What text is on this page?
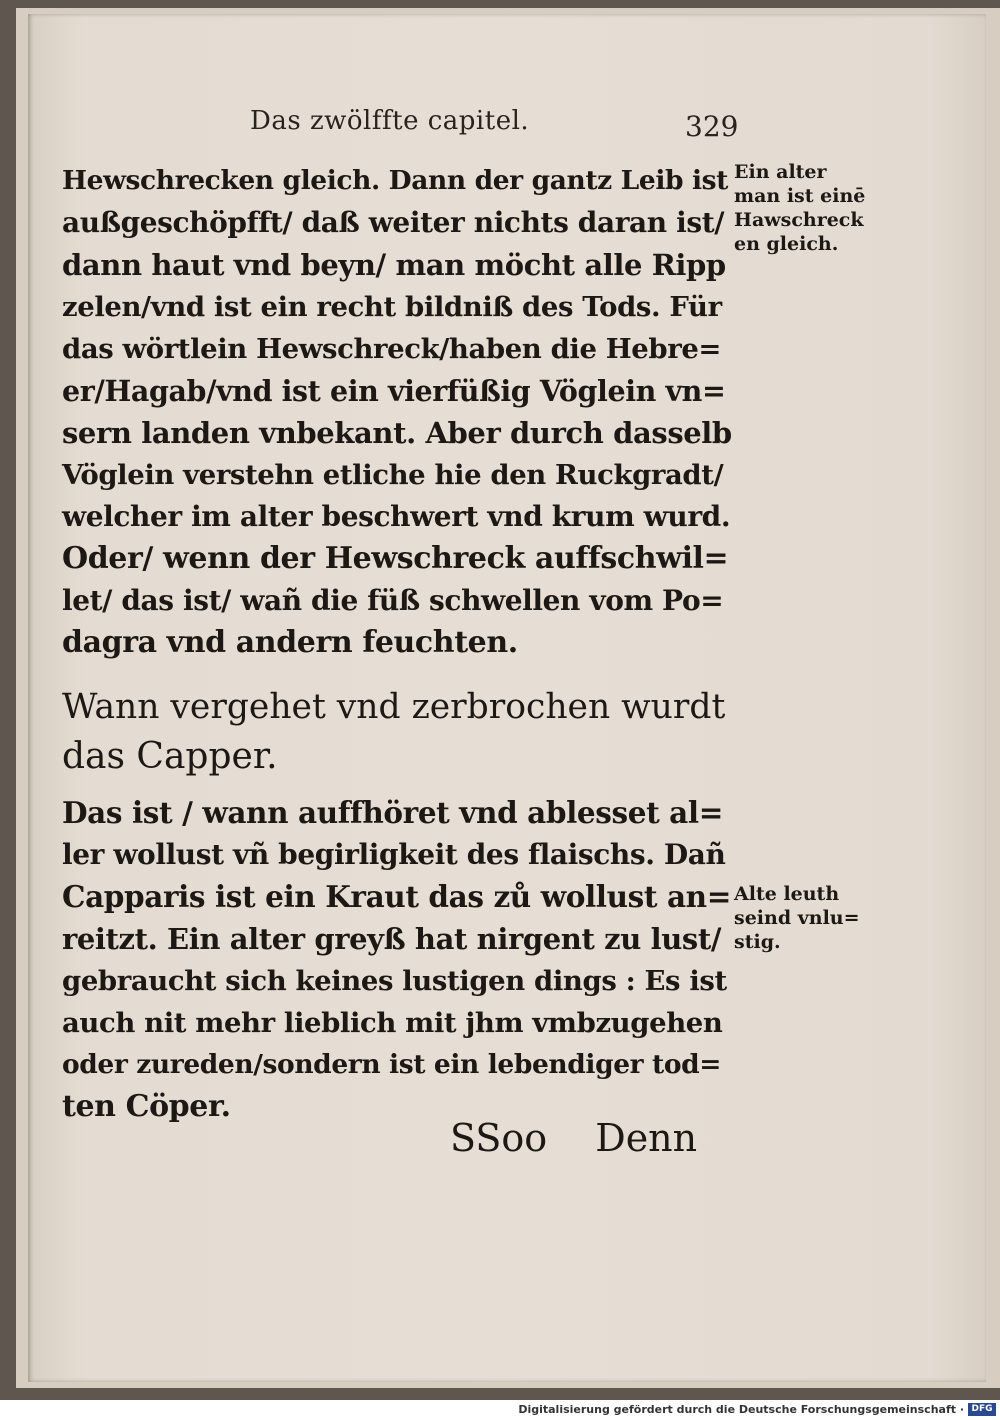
Das zwölffte capitel.	329
Hewschrecken gleich. Dann der gantz Leib ist
außgeschöpfft/ daß weiter nichts daran ist/
dann haut vnd beyn/ man möcht alle Ripp
zelen/vnd ist ein recht bildniß des Tods. Für
das wörtlein Hewschreck/haben die Hebre=
er/Hagab/vnd ist ein vierfüßig Vöglein vn=
sern landen vnbekant. Aber durch dasselb
Vöglein verstehn etliche hie den Ruckgradt/
welcher im alter beschwert vnd krum wurd.
Oder/ wenn der Hewschreck auffschwil=
let/ das ist/ wañ die füß schwellen vom Po=
dagra vnd andern feuchten.
Wann vergehet vnd zerbrochen wurdt
das Capper.
Das ist / wann auffhöret vnd ablesset al=
ler wollust vñ begirligkeit des flaischs. Dañ
Capparis ist ein Kraut das zů wollust an=
reitzt. Ein alter greyß hat nirgent zu lust/
gebraucht sich keines lustigen dings : Es ist
auch nit mehr lieblich mit jhm vmbzugehen
oder zureden/sondern ist ein lebendiger tod=
ten Cöper.
SSoo Denn
Ein alter
man ist einē
Hawschreck
en gleich.
Alte leuth
seind vnlu=
stig.
Digitalisierung gefördert durch die Deutsche Forschungsgemeinschaft · DFG
